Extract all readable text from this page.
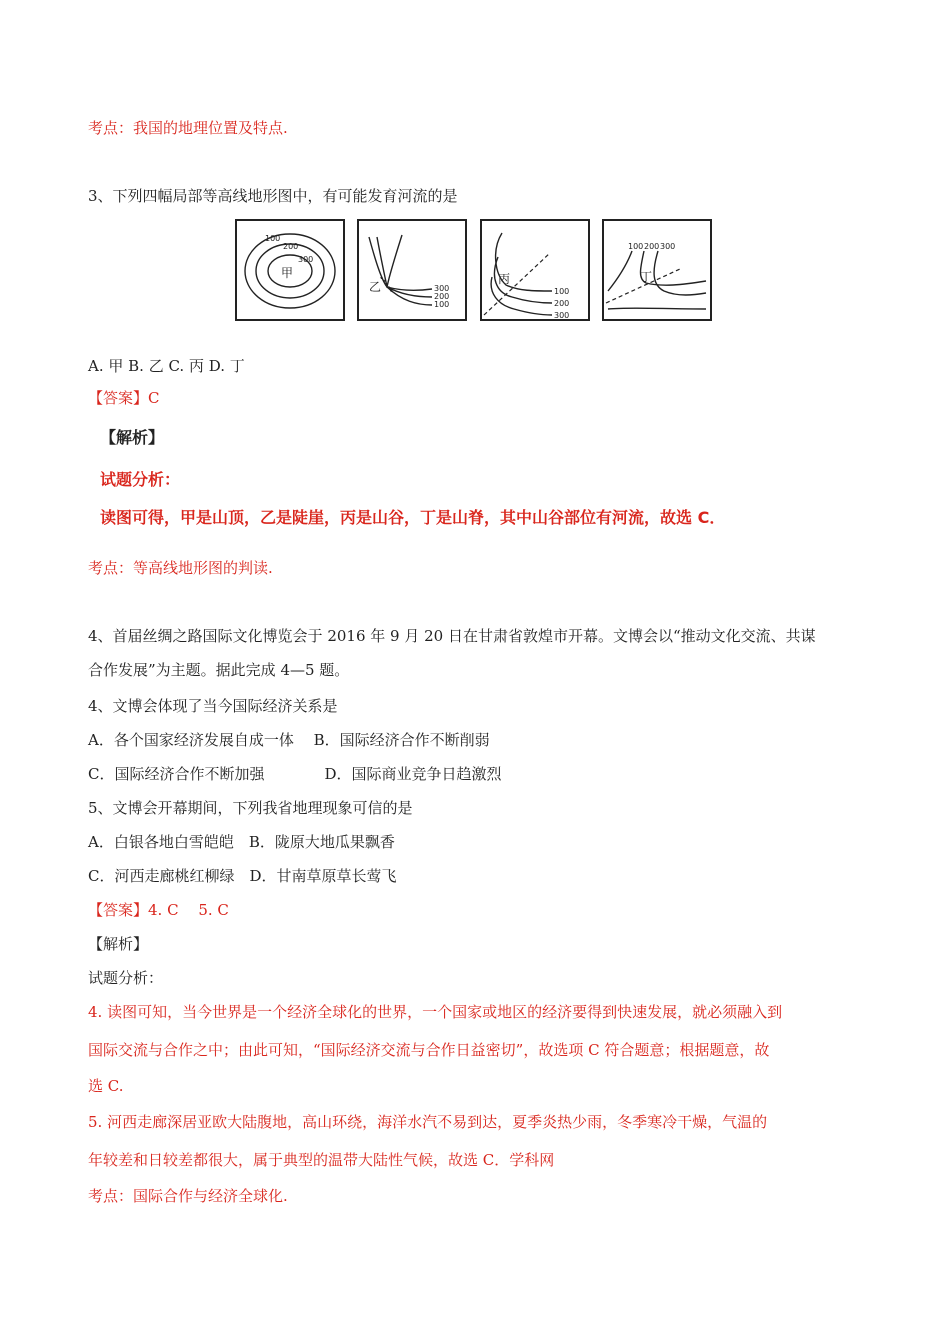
考点：我国的地理位置及特点.
3、下列四幅局部等高线地形图中，有可能发育河流的是
100
200
300
甲
300
200
100
乙	100
200
300
丙
100 200 300
丁
A. 甲 B. 乙 C. 丙 D. 丁
【答案】C
【解析】
试题分析：
读图可得，甲是山顶，乙是陡崖，丙是山谷，丁是山脊，其中山谷部位有河流，故选 C．
考点：等高线地形图的判读.
4、首届丝绸之路国际文化博览会于 2016 年 9 月 20 日在甘肃省敦煌市开幕。文博会以“推动文化交流、共谋
合作发展”为主题。据此完成 4—5 题。
4、文博会体现了当今国际经济关系是
A．各个国家经济发展自成一体　 B．国际经济合作不断削弱
C．国际经济合作不断加强　　　　D．国际商业竞争日趋激烈
5、文博会开幕期间，下列我省地理现象可信的是
A．白银各地白雪皑皑　B．陇原大地瓜果飘香
C．河西走廊桃红柳绿　D．甘南草原草长莺飞
【答案】4. C　 5. C
【解析】
试题分析：
4. 读图可知，当今世界是一个经济全球化的世界，一个国家或地区的经济要得到快速发展，就必须融入到
国际交流与合作之中；由此可知，“国际经济交流与合作日益密切”，故选项 C 符合题意；根据题意，故
选 C.
5. 河西走廊深居亚欧大陆腹地，高山环绕，海洋水汽不易到达，夏季炎热少雨，冬季寒冷干燥，气温的
年较差和日较差都很大，属于典型的温带大陆性气候，故选 C．学科网
考点：国际合作与经济全球化.
